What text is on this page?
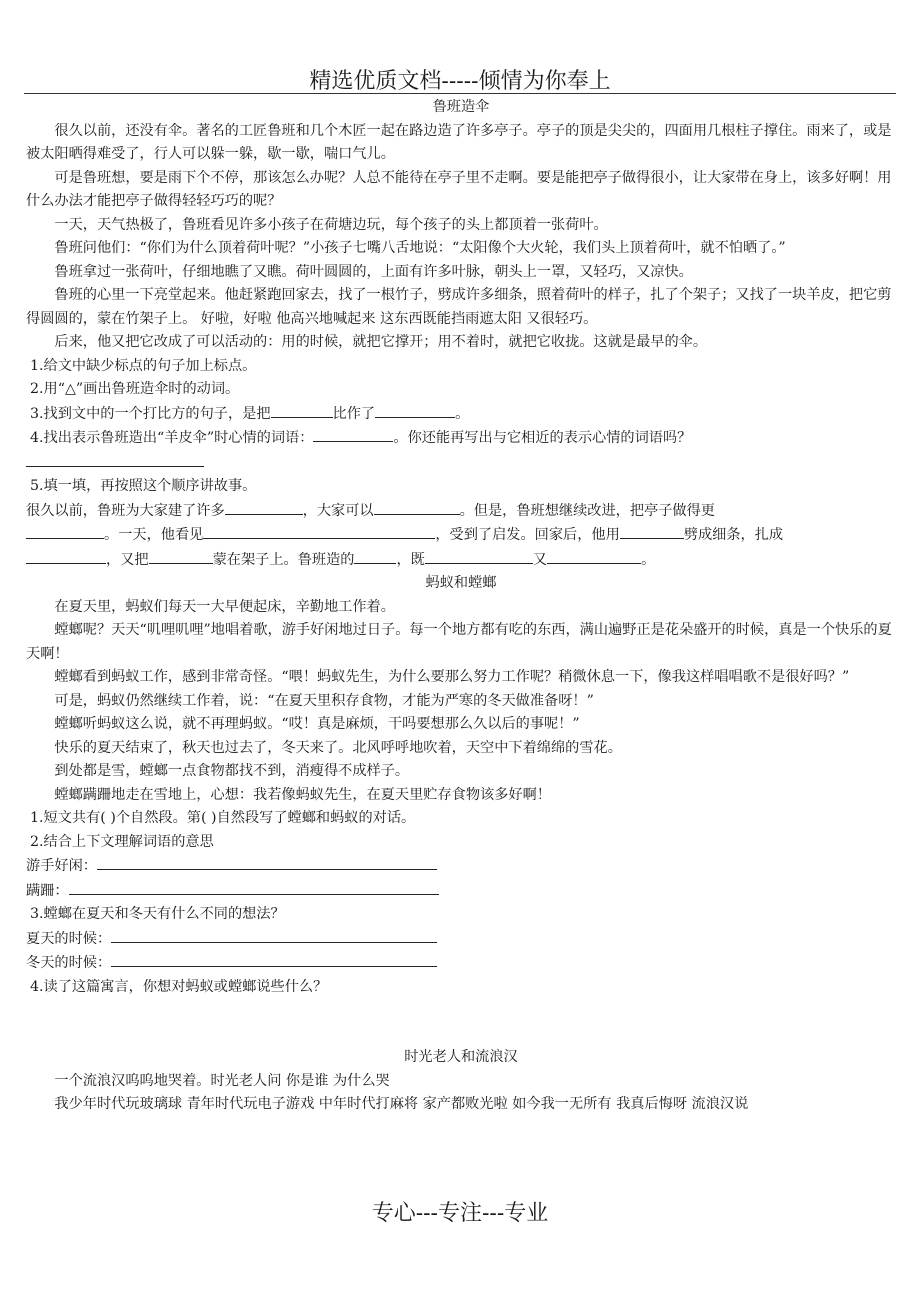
精选优质文档-----倾情为你奉上

鲁班造伞

很久以前，还没有伞。著名的工匠鲁班和几个木匠一起在路边造了许多亭子。亭子的顶是尖尖的，四面用几根柱子撑住。雨来了，或是被太阳晒得难受了，行人可以躲一躲，歇一歇，喘口气儿。

可是鲁班想，要是雨下个不停，那该怎么办呢？人总不能待在亭子里不走啊。要是能把亭子做得很小，让大家带在身上，该多好啊！用什么办法才能把亭子做得轻轻巧巧的呢？

一天，天气热极了，鲁班看见许多小孩子在荷塘边玩，每个孩子的头上都顶着一张荷叶。

鲁班问他们：“你们为什么顶着荷叶呢？”小孩子七嘴八舌地说：“太阳像个大火轮，我们头上顶着荷叶，就不怕晒了。”

鲁班拿过一张荷叶，仔细地瞧了又瞧。荷叶圆圆的，上面有许多叶脉，朝头上一罩，又轻巧，又凉快。

鲁班的心里一下亮堂起来。他赶紧跑回家去，找了一根竹子，劈成许多细条，照着荷叶的样子，扎了个架子；又找了一块羊皮，把它剪得圆圆的，蒙在竹架子上。 好啦，好啦 他高兴地喊起来 这东西既能挡雨遮太阳 又很轻巧。

后来，他又把它改成了可以活动的：用的时候，就把它撑开；用不着时，就把它收拢。这就是最早的伞。

1.给文中缺少标点的句子加上标点。

2.用“△”画出鲁班造伞时的动词。

3.找到文中的一个打比方的句子，是把	比作了	。

4.找出表示鲁班造出“羊皮伞”时心情的词语：	。你还能再写出与它相近的表示心情的词语吗？

5.填一填，再按照这个顺序讲故事。

很久以前，鲁班为大家建了许多	，大家可以	。但是，鲁班想继续改进，把亭子做得更
。一天，他看见	，受到了启发。回家后，他用	劈成细条，扎成
，又把	蒙在架子上。鲁班造的	，既	又	。

蚂蚁和螳螂

在夏天里，蚂蚁们每天一大早便起床，辛勤地工作着。

螳螂呢？天天“叽哩叽哩”地唱着歌，游手好闲地过日子。每一个地方都有吃的东西，满山遍野正是花朵盛开的时候，真是一个快乐的夏天啊！

螳螂看到蚂蚁工作，感到非常奇怪。“喂！蚂蚁先生，为什么要那么努力工作呢？稍微休息一下，像我这样唱唱歌不是很好吗？”

可是，蚂蚁仍然继续工作着，说：“在夏天里积存食物，才能为严寒的冬天做准备呀！”

螳螂听蚂蚁这么说，就不再理蚂蚁。“哎！真是麻烦，干吗要想那么久以后的事呢！”

快乐的夏天结束了，秋天也过去了，冬天来了。北风呼呼地吹着，天空中下着绵绵的雪花。

到处都是雪，螳螂一点食物都找不到，消瘦得不成样子。

螳螂蹒跚地走在雪地上，心想：我若像蚂蚁先生，在夏天里贮存食物该多好啊！

1.短文共有( )个自然段。第( )自然段写了螳螂和蚂蚁的对话。

2.结合上下文理解词语的意思

游手好闲：

蹒跚：

3.螳螂在夏天和冬天有什么不同的想法？

夏天的时候：

冬天的时候：

4.读了这篇寓言，你想对蚂蚁或螳螂说些什么？

时光老人和流浪汉

一个流浪汉呜呜地哭着。时光老人问 你是谁 为什么哭

我少年时代玩玻璃球 青年时代玩电子游戏 中年时代打麻将 家产都败光啦 如今我一无所有 我真后悔呀 流浪汉说

专心---专注---专业
